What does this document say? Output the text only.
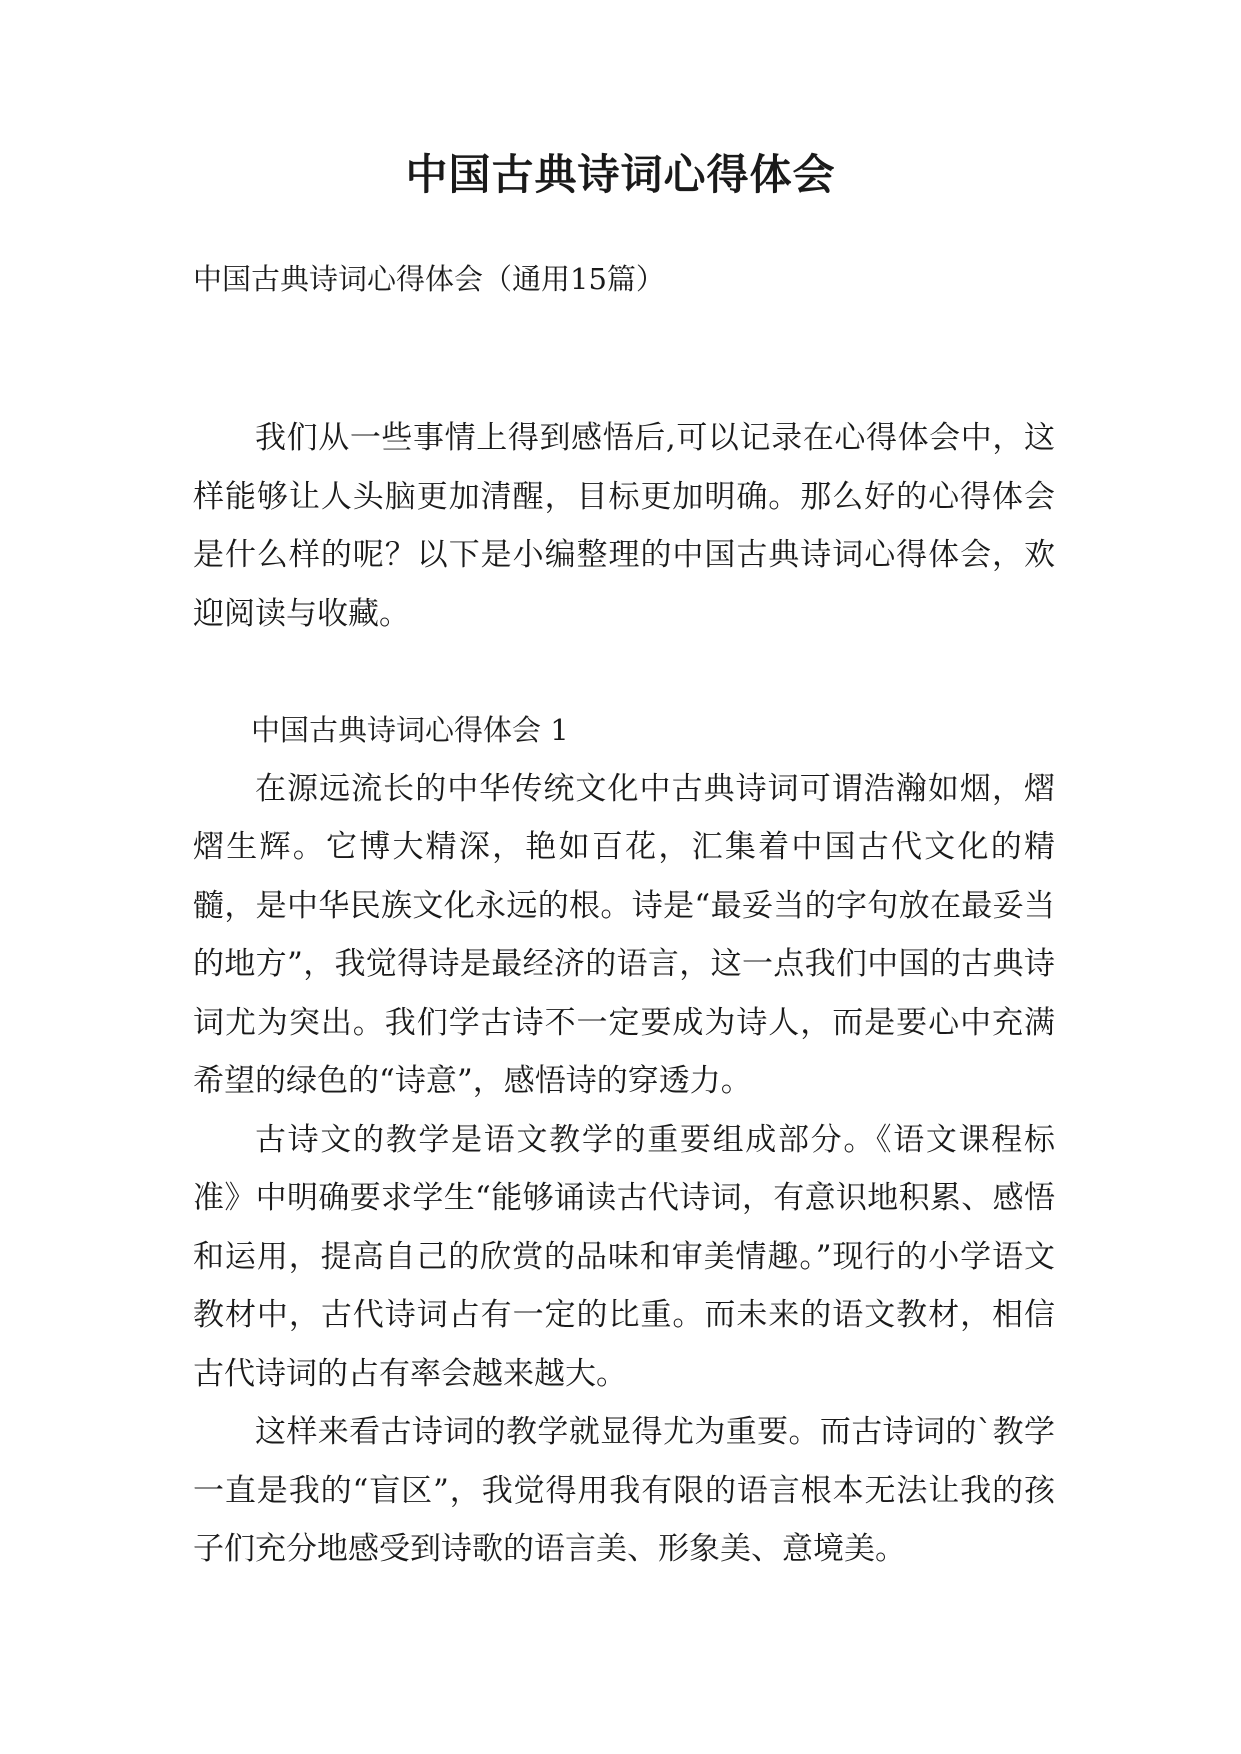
中国古典诗词心得体会

中国古典诗词心得体会（通用15篇）

我们从一些事情上得到感悟后,可以记录在心得体会中，这样能够让人头脑更加清醒，目标更加明确。那么好的心得体会是什么样的呢？以下是小编整理的中国古典诗词心得体会，欢迎阅读与收藏。

中国古典诗词心得体会 1

在源远流长的中华传统文化中古典诗词可谓浩瀚如烟，熠熠生辉。它博大精深，艳如百花，汇集着中国古代文化的精髓，是中华民族文化永远的根。诗是“最妥当的字句放在最妥当的地方”，我觉得诗是最经济的语言，这一点我们中国的古典诗词尤为突出。我们学古诗不一定要成为诗人，而是要心中充满希望的绿色的“诗意”，感悟诗的穿透力。

古诗文的教学是语文教学的重要组成部分。《语文课程标准》中明确要求学生“能够诵读古代诗词，有意识地积累、感悟和运用，提高自己的欣赏的品味和审美情趣。”现行的小学语文教材中，古代诗词占有一定的比重。而未来的语文教材，相信古代诗词的占有率会越来越大。

这样来看古诗词的教学就显得尤为重要。而古诗词的`教学一直是我的“盲区”，我觉得用我有限的语言根本无法让我的孩子们充分地感受到诗歌的语言美、形象美、意境美。
